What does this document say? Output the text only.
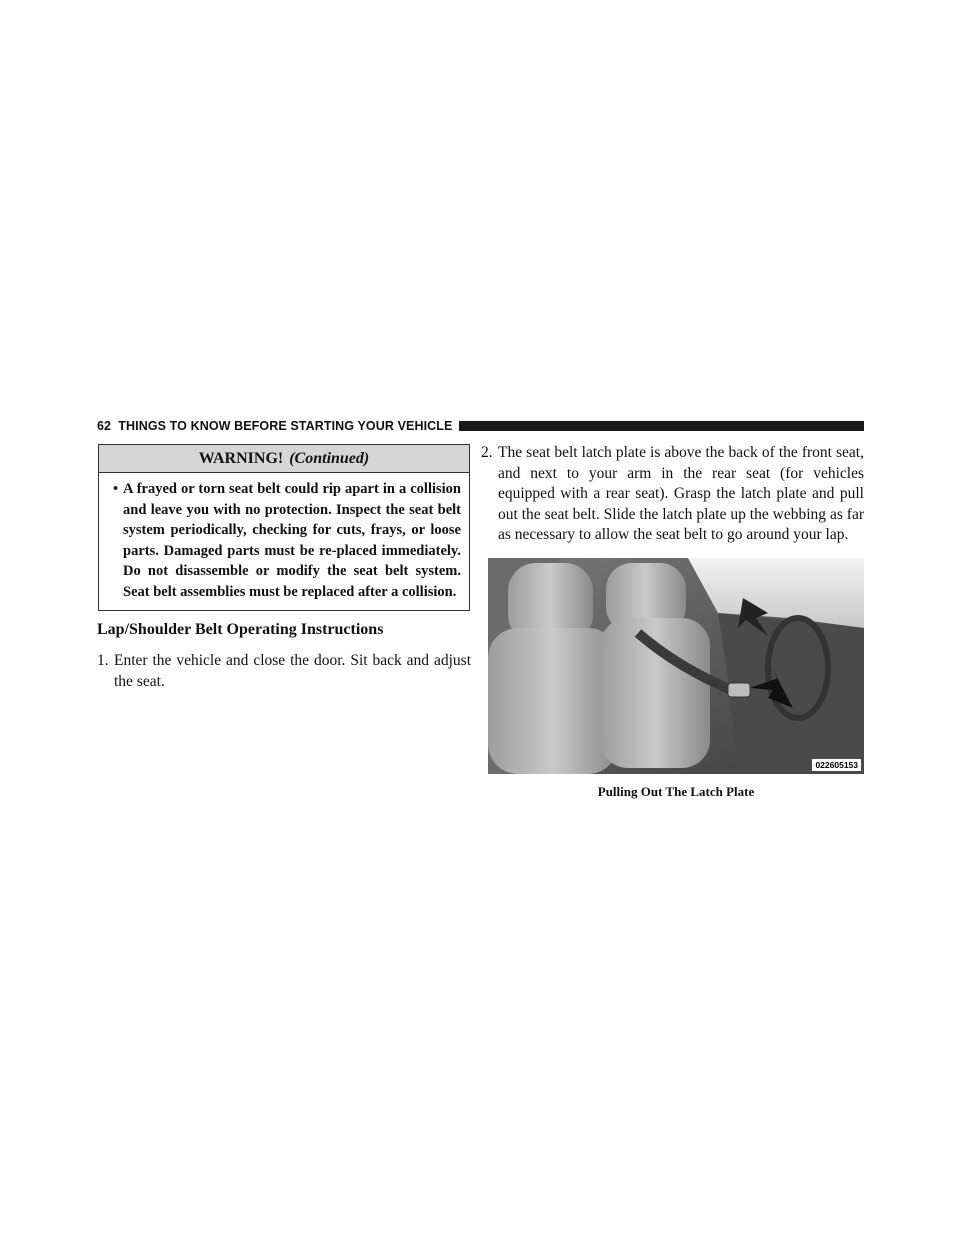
62 THINGS TO KNOW BEFORE STARTING YOUR VEHICLE
WARNING! (Continued)
• A frayed or torn seat belt could rip apart in a collision and leave you with no protection. Inspect the seat belt system periodically, checking for cuts, frays, or loose parts. Damaged parts must be re-placed immediately. Do not disassemble or modify the seat belt system. Seat belt assemblies must be replaced after a collision.
Lap/Shoulder Belt Operating Instructions
1. Enter the vehicle and close the door. Sit back and adjust the seat.
2. The seat belt latch plate is above the back of the front seat, and next to your arm in the rear seat (for vehicles equipped with a rear seat). Grasp the latch plate and pull out the seat belt. Slide the latch plate up the webbing as far as necessary to allow the seat belt to go around your lap.
022605153
Pulling Out The Latch Plate
